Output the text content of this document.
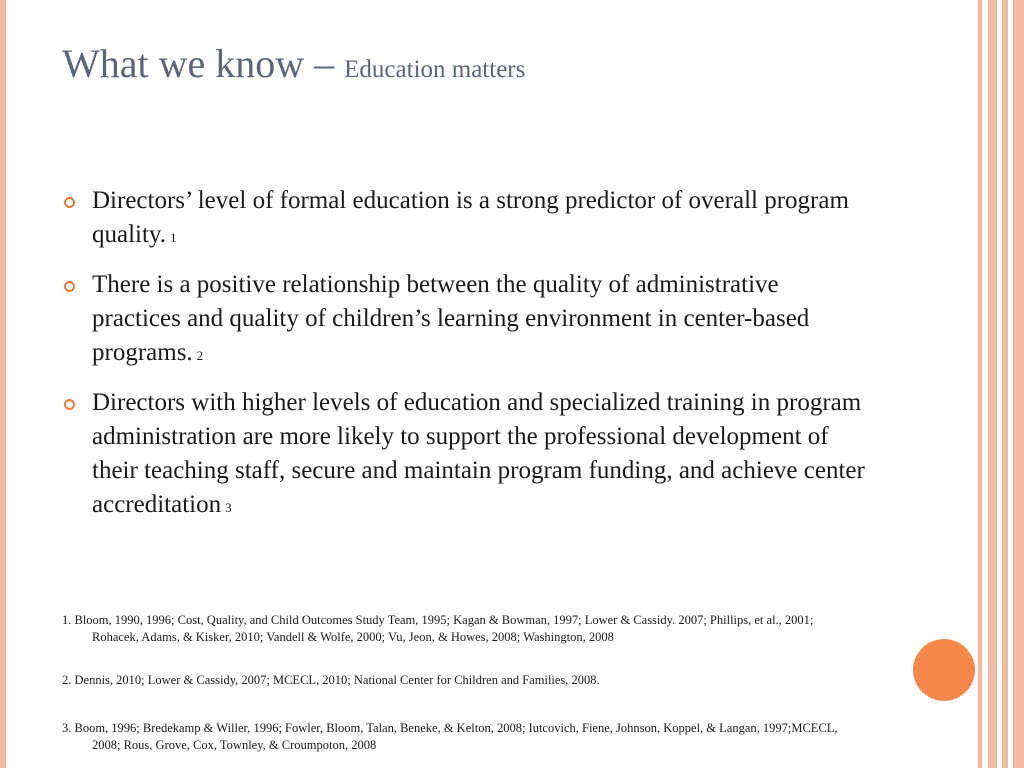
What we know – Education matters
Directors’ level of formal education is a strong predictor of overall program quality. 1
There is a positive relationship between the quality of administrative practices and quality of children’s learning environment in center-based programs. 2
Directors with higher levels of education and specialized training in program administration are more likely to support the professional development of their teaching staff, secure and maintain program funding, and achieve center accreditation 3
1. Bloom, 1990, 1996; Cost, Quality, and Child Outcomes Study Team, 1995; Kagan & Bowman, 1997; Lower & Cassidy. 2007; Phillips, et al., 2001; Rohacek, Adams, & Kisker, 2010; Vandell & Wolfe, 2000; Vu, Jeon, & Howes, 2008; Washington, 2008
2. Dennis, 2010; Lower & Cassidy, 2007; MCECL, 2010; National Center for Children and Families, 2008.
3. Boom, 1996; Bredekamp & Willer, 1996; Fowler, Bloom, Talan, Beneke, & Kelton, 2008; Iutcovich, Fiene, Johnson, Koppel, & Langan, 1997;MCECL, 2008; Rous, Grove, Cox, Townley, & Croumpoton, 2008
